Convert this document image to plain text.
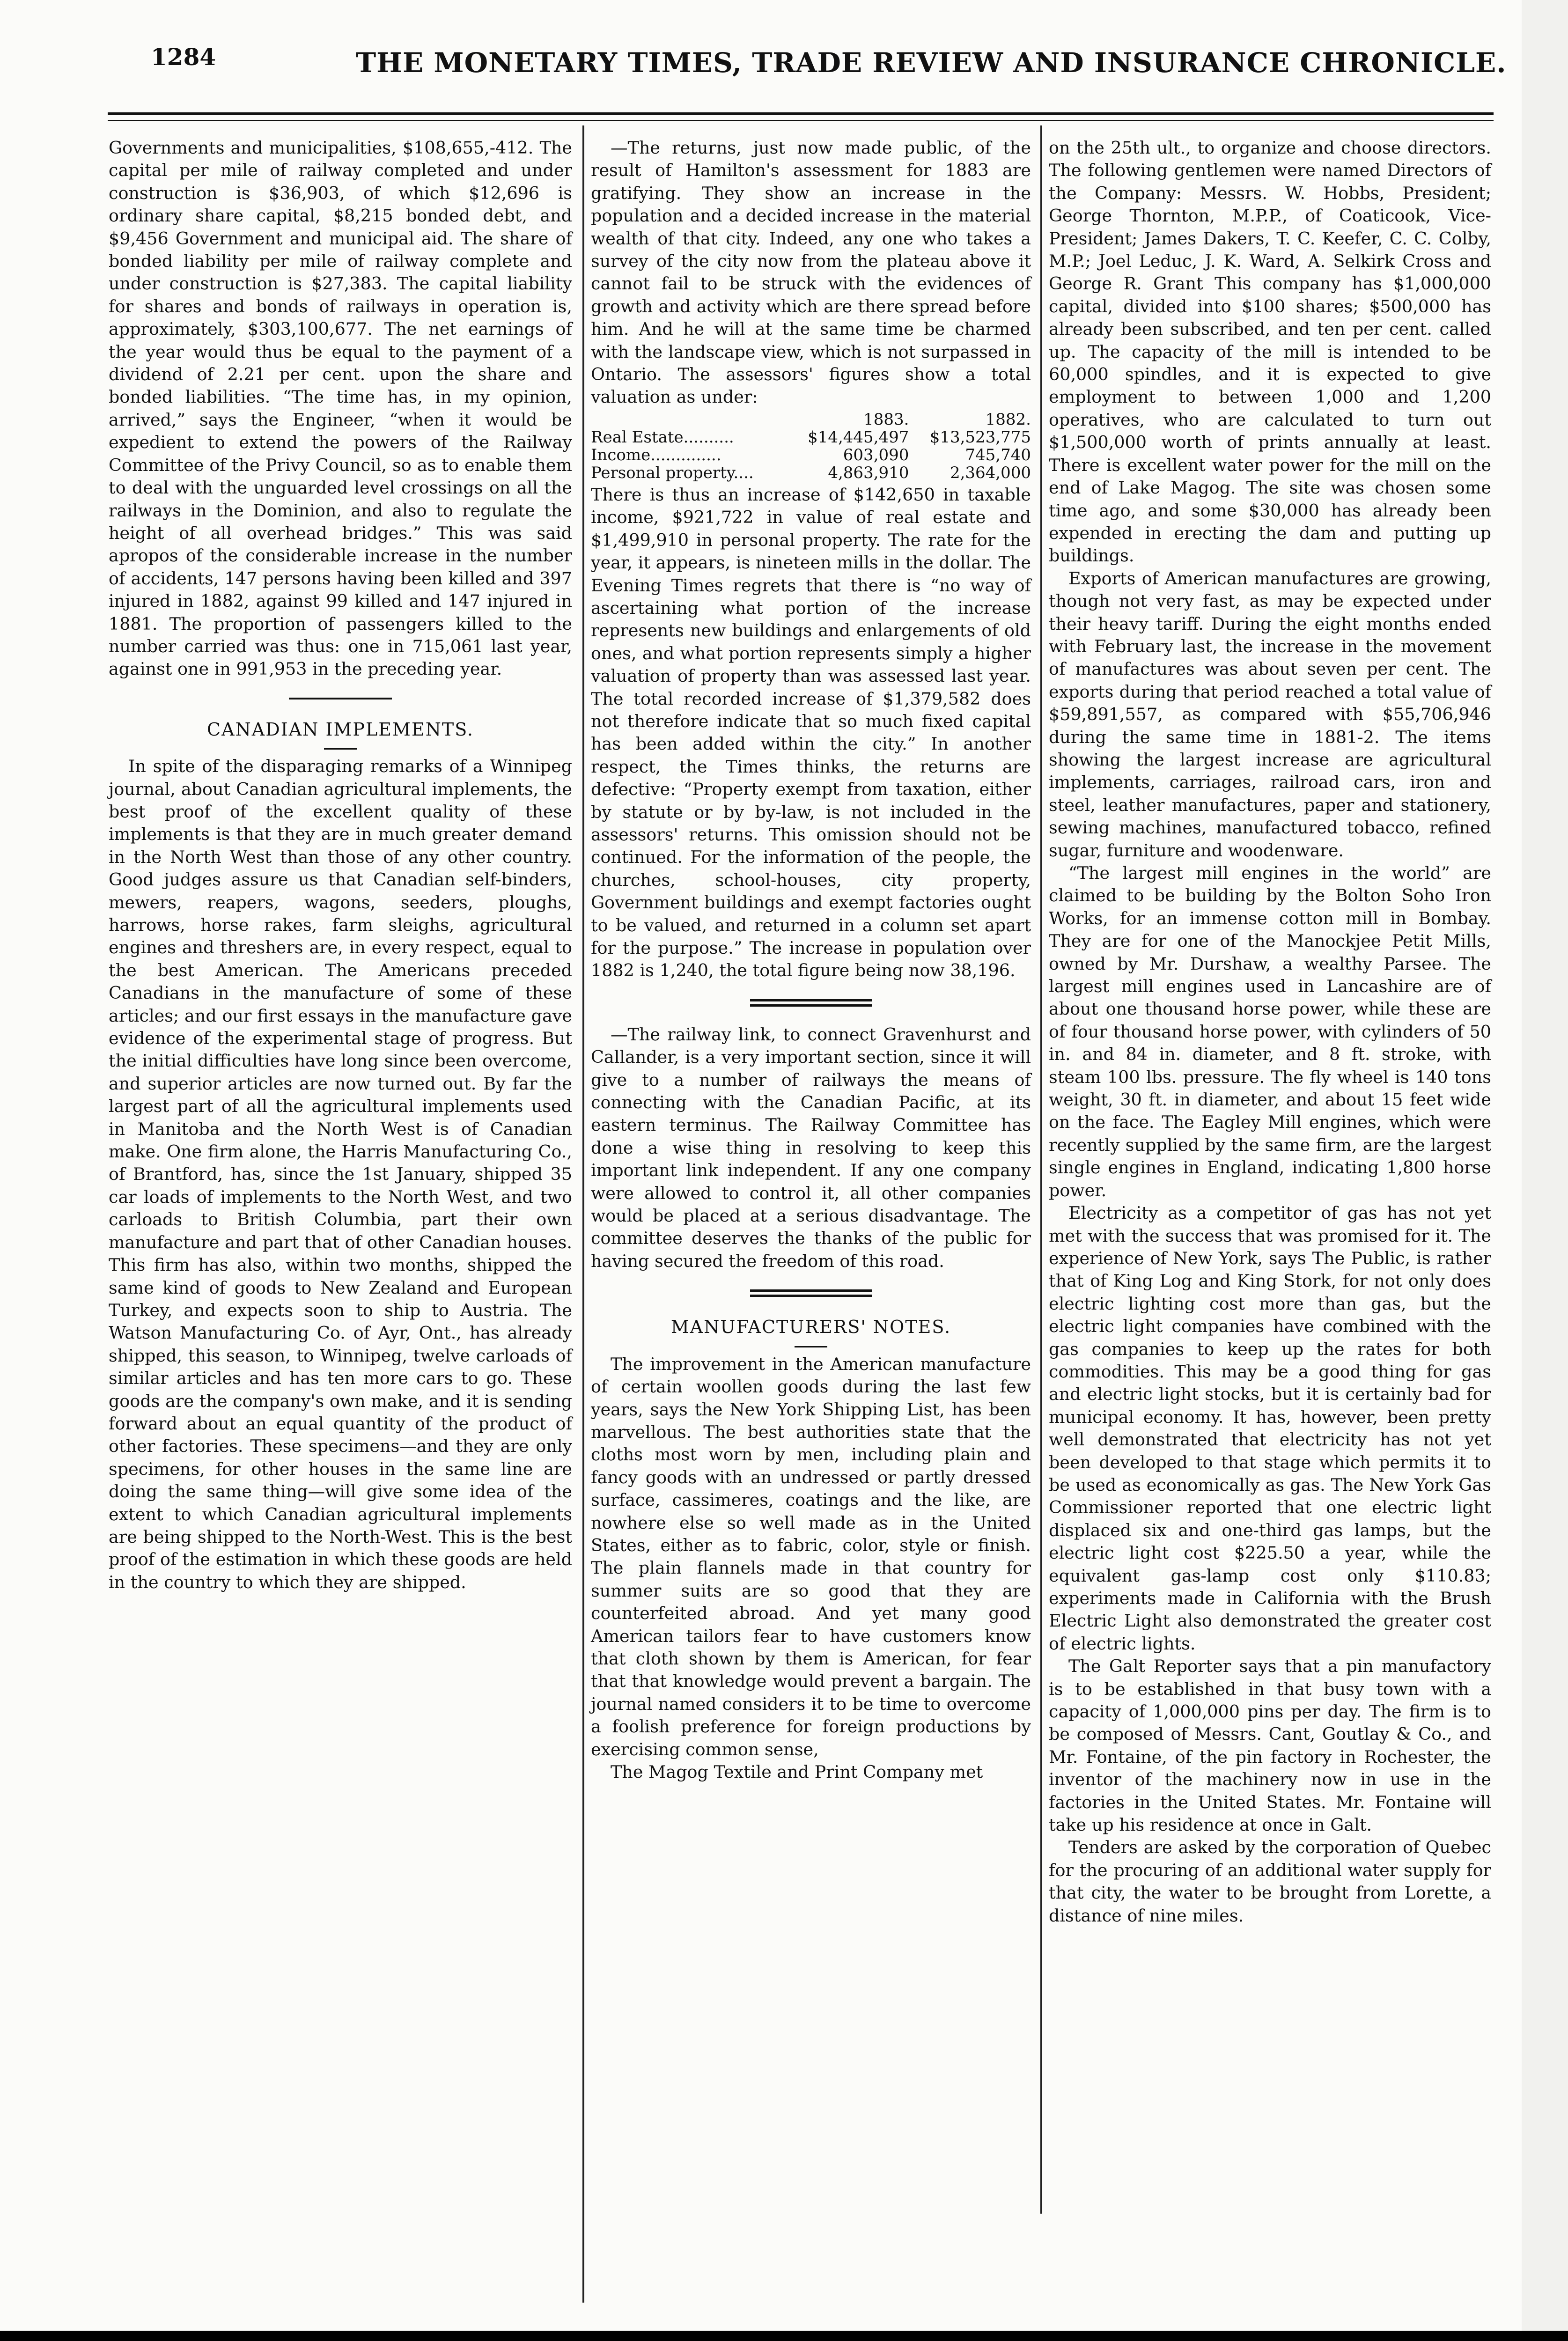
1284	THE MONETARY TIMES, TRADE REVIEW AND INSURANCE CHRONICLE.

Governments and municipalities, $108,655,-412. The capital per mile of railway completed and under construction is $36,903, of which $12,696 is ordinary share capital, $8,215 bonded debt, and $9,456 Government and municipal aid. The share of bonded liability per mile of railway complete and under construction is $27,383. The capital liability for shares and bonds of railways in operation is, approximately, $303,100,677. The net earnings of the year would thus be equal to the payment of a dividend of 2.21 per cent. upon the share and bonded liabilities. “The time has, in my opinion, arrived,” says the Engineer, “when it would be expedient to extend the powers of the Railway Committee of the Privy Council, so as to enable them to deal with the unguarded level crossings on all the railways in the Dominion, and also to regulate the height of all overhead bridges.” This was said apropos of the considerable increase in the number of accidents, 147 persons having been killed and 397 injured in 1882, against 99 killed and 147 injured in 1881. The proportion of passengers killed to the number carried was thus: one in 715,061 last year, against one in 991,953 in the preceding year.

CANADIAN IMPLEMENTS.

In spite of the disparaging remarks of a Winnipeg journal, about Canadian agricultural implements, the best proof of the excellent quality of these implements is that they are in much greater demand in the North West than those of any other country. Good judges assure us that Canadian self-binders, mewers, reapers, wagons, seeders, ploughs, harrows, horse rakes, farm sleighs, agricultural engines and threshers are, in every respect, equal to the best American. The Americans preceded Canadians in the manufacture of some of these articles; and our first essays in the manufacture gave evidence of the experimental stage of progress. But the initial difficulties have long since been overcome, and superior articles are now turned out. By far the largest part of all the agricultural implements used in Manitoba and the North West is of Canadian make. One firm alone, the Harris Manufacturing Co., of Brantford, has, since the 1st January, shipped 35 car loads of implements to the North West, and two carloads to British Columbia, part their own manufacture and part that of other Canadian houses. This firm has also, within two months, shipped the same kind of goods to New Zealand and European Turkey, and expects soon to ship to Austria. The Watson Manufacturing Co. of Ayr, Ont., has already shipped, this season, to Winnipeg, twelve carloads of similar articles and has ten more cars to go. These goods are the company's own make, and it is sending forward about an equal quantity of the product of other factories. These specimens—and they are only specimens, for other houses in the same line are doing the same thing—will give some idea of the extent to which Canadian agricultural implements are being shipped to the North-West. This is the best proof of the estimation in which these goods are held in the country to which they are shipped.

—The returns, just now made public, of the result of Hamilton's assessment for 1883 are gratifying. They show an increase in the population and a decided increase in the material wealth of that city. Indeed, any one who takes a survey of the city now from the plateau above it cannot fail to be struck with the evidences of growth and activity which are there spread before him. And he will at the same time be charmed with the landscape view, which is not surpassed in Ontario. The assessors' figures show a total valuation as under:

	1883.	1882.
Real Estate..........	$14,445,497	$13,523,775
Income..............	603,090	745,740
Personal property....	4,863,910	2,364,000

There is thus an increase of $142,650 in taxable income, $921,722 in value of real estate and $1,499,910 in personal property. The rate for the year, it appears, is nineteen mills in the dollar. The Evening Times regrets that there is “no way of ascertaining what portion of the increase represents new buildings and enlargements of old ones, and what portion represents simply a higher valuation of property than was assessed last year. The total recorded increase of $1,379,582 does not therefore indicate that so much fixed capital has been added within the city.” In another respect, the Times thinks, the returns are defective: “Property exempt from taxation, either by statute or by by-law, is not included in the assessors' returns. This omission should not be continued. For the information of the people, the churches, school-houses, city property, Government buildings and exempt factories ought to be valued, and returned in a column set apart for the purpose.” The increase in population over 1882 is 1,240, the total figure being now 38,196.

—The railway link, to connect Gravenhurst and Callander, is a very important section, since it will give to a number of railways the means of connecting with the Canadian Pacific, at its eastern terminus. The Railway Committee has done a wise thing in resolving to keep this important link independent. If any one company were allowed to control it, all other companies would be placed at a serious disadvantage. The committee deserves the thanks of the public for having secured the freedom of this road.

MANUFACTURERS' NOTES.

The improvement in the American manufacture of certain woollen goods during the last few years, says the New York Shipping List, has been marvellous. The best authorities state that the cloths most worn by men, including plain and fancy goods with an undressed or partly dressed surface, cassimeres, coatings and the like, are nowhere else so well made as in the United States, either as to fabric, color, style or finish. The plain flannels made in that country for summer suits are so good that they are counterfeited abroad. And yet many good American tailors fear to have customers know that cloth shown by them is American, for fear that that knowledge would prevent a bargain. The journal named considers it to be time to overcome a foolish preference for foreign productions by exercising common sense,

The Magog Textile and Print Company met

on the 25th ult., to organize and choose directors. The following gentlemen were named Directors of the Company: Messrs. W. Hobbs, President; George Thornton, M.P.P., of Coaticook, Vice-President; James Dakers, T. C. Keefer, C. C. Colby, M.P.; Joel Leduc, J. K. Ward, A. Selkirk Cross and George R. Grant This company has $1,000,000 capital, divided into $100 shares; $500,000 has already been subscribed, and ten per cent. called up. The capacity of the mill is intended to be 60,000 spindles, and it is expected to give employment to between 1,000 and 1,200 operatives, who are calculated to turn out $1,500,000 worth of prints annually at least. There is excellent water power for the mill on the end of Lake Magog. The site was chosen some time ago, and some $30,000 has already been expended in erecting the dam and putting up buildings.

Exports of American manufactures are growing, though not very fast, as may be expected under their heavy tariff. During the eight months ended with February last, the increase in the movement of manufactures was about seven per cent. The exports during that period reached a total value of $59,891,557, as compared with $55,706,946 during the same time in 1881-2. The items showing the largest increase are agricultural implements, carriages, railroad cars, iron and steel, leather manufactures, paper and stationery, sewing machines, manufactured tobacco, refined sugar, furniture and woodenware.

“The largest mill engines in the world” are claimed to be building by the Bolton Soho Iron Works, for an immense cotton mill in Bombay. They are for one of the Manockjee Petit Mills, owned by Mr. Durshaw, a wealthy Parsee. The largest mill engines used in Lancashire are of about one thousand horse power, while these are of four thousand horse power, with cylinders of 50 in. and 84 in. diameter, and 8 ft. stroke, with steam 100 lbs. pressure. The fly wheel is 140 tons weight, 30 ft. in diameter, and about 15 feet wide on the face. The Eagley Mill engines, which were recently supplied by the same firm, are the largest single engines in England, indicating 1,800 horse power.

Electricity as a competitor of gas has not yet met with the success that was promised for it. The experience of New York, says The Public, is rather that of King Log and King Stork, for not only does electric lighting cost more than gas, but the electric light companies have combined with the gas companies to keep up the rates for both commodities. This may be a good thing for gas and electric light stocks, but it is certainly bad for municipal economy. It has, however, been pretty well demonstrated that electricity has not yet been developed to that stage which permits it to be used as economically as gas. The New York Gas Commissioner reported that one electric light displaced six and one-third gas lamps, but the electric light cost $225.50 a year, while the equivalent gas-lamp cost only $110.83; experiments made in California with the Brush Electric Light also demonstrated the greater cost of electric lights.

The Galt Reporter says that a pin manufactory is to be established in that busy town with a capacity of 1,000,000 pins per day. The firm is to be composed of Messrs. Cant, Goutlay & Co., and Mr. Fontaine, of the pin factory in Rochester, the inventor of the machinery now in use in the factories in the United States. Mr. Fontaine will take up his residence at once in Galt.

Tenders are asked by the corporation of Quebec for the procuring of an additional water supply for that city, the water to be brought from Lorette, a distance of nine miles.
